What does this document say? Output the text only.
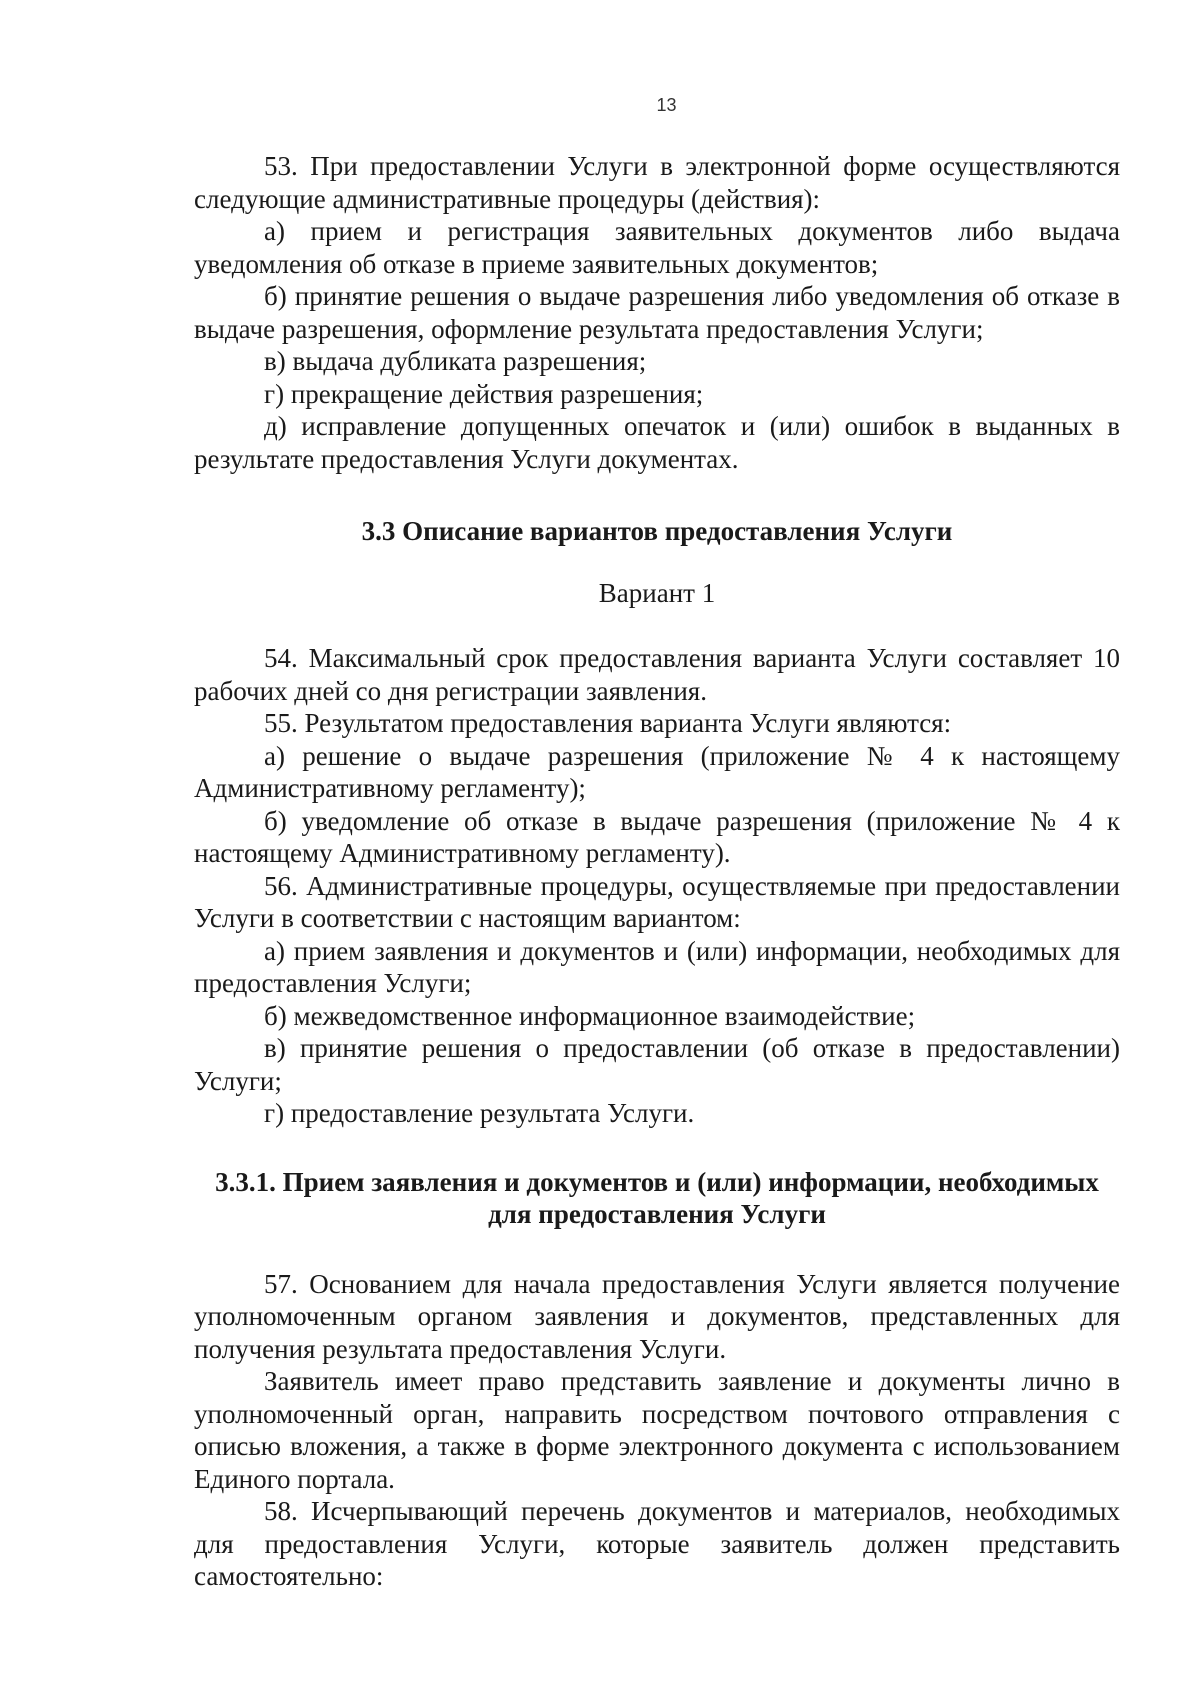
13

53. При предоставлении Услуги в электронной форме осуществляются следующие административные процедуры (действия):

а) прием и регистрация заявительных документов либо выдача уведомления об отказе в приеме заявительных документов;

б) принятие решения о выдаче разрешения либо уведомления об отказе в выдаче разрешения, оформление результата предоставления Услуги;

в) выдача дубликата разрешения;

г) прекращение действия разрешения;

д) исправление допущенных опечаток и (или) ошибок в выданных в результате предоставления Услуги документах.

3.3 Описание вариантов предоставления Услуги
Вариант 1

54. Максимальный срок предоставления варианта Услуги составляет 10 рабочих дней со дня регистрации заявления.

55. Результатом предоставления варианта Услуги являются:

а) решение о выдаче разрешения (приложение № 4 к настоящему Административному регламенту);

б) уведомление об отказе в выдаче разрешения (приложение № 4 к настоящему Административному регламенту).

56. Административные процедуры, осуществляемые при предоставлении Услуги в соответствии с настоящим вариантом:

а) прием заявления и документов и (или) информации, необходимых для предоставления Услуги;

б) межведомственное информационное взаимодействие;

в) принятие решения о предоставлении (об отказе в предоставлении) Услуги;

г) предоставление результата Услуги.

3.3.1. Прием заявления и документов и (или) информации, необходимых для предоставления Услуги

57. Основанием для начала предоставления Услуги является получение уполномоченным органом заявления и документов, представленных для получения результата предоставления Услуги.

Заявитель имеет право представить заявление и документы лично в уполномоченный орган, направить посредством почтового отправления с описью вложения, а также в форме электронного документа с использованием Единого портала.

58. Исчерпывающий перечень документов и материалов, необходимых для предоставления Услуги, которые заявитель должен представить самостоятельно:
